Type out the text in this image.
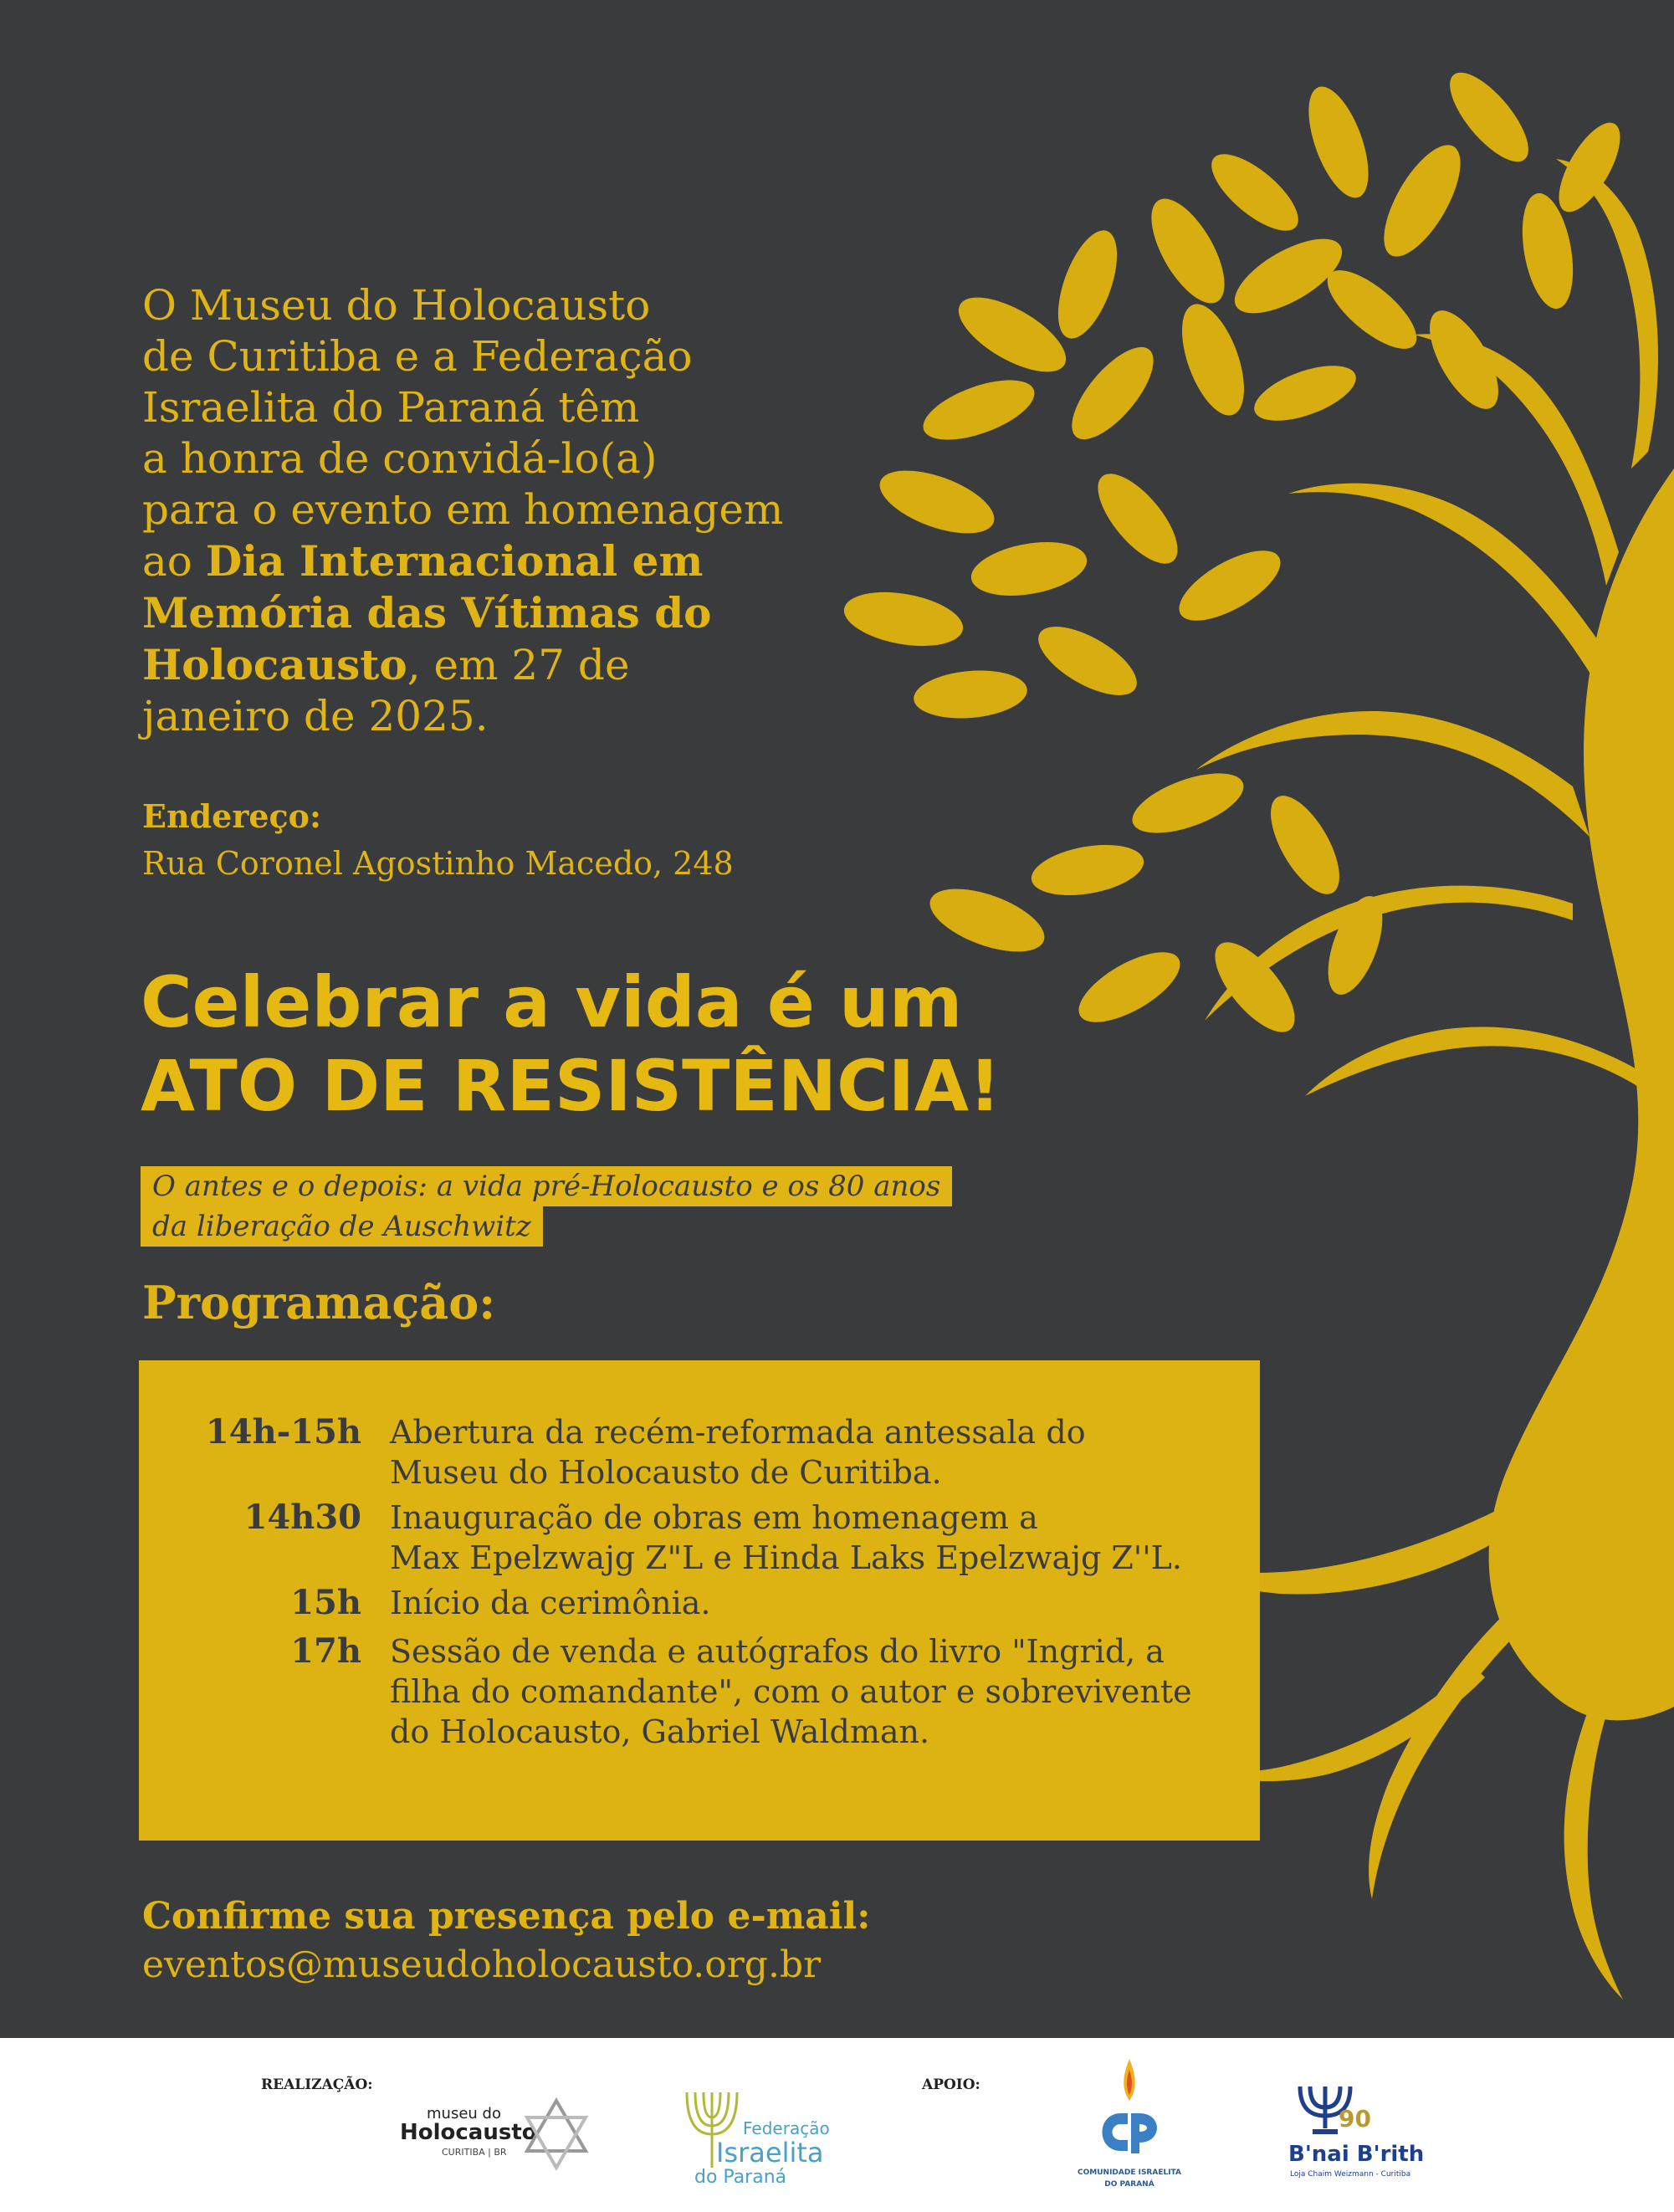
O Museu do Holocausto
de Curitiba e a Federação
Israelita do Paraná têm
a honra de convidá-lo(a)
para o evento em homenagem
ao Dia Internacional em
Memória das Vítimas do
Holocausto, em 27 de
janeiro de 2025.
Endereço:
Rua Coronel Agostinho Macedo, 248
Celebrar a vida é um
ATO DE RESISTÊNCIA!
O antes e o depois: a vida pré-Holocausto e os 80 anos
da liberação de Auschwitz
Programação:
14h-15h Abertura da recém-reformada antessala do
Museu do Holocausto de Curitiba.
14h30 Inauguração de obras em homenagem a
Max Epelzwajg Z"L e Hinda Laks Epelzwajg Z''L.
15h Início da cerimônia.
17h Sessão de venda e autógrafos do livro "Ingrid, a
filha do comandante", com o autor e sobrevivente
do Holocausto, Gabriel Waldman.
Confirme sua presença pelo e-mail:
eventos@museudoholocausto.org.br
REALIZAÇÃO:	APOIO:
museu do
Holocausto
CURITIBA | BR
Federação
Israelita
do Paraná	COMUNIDADE ISRAELITA
DO PARANÁ
90
B'nai B'rith
Loja Chaim Weizmann - Curitiba
